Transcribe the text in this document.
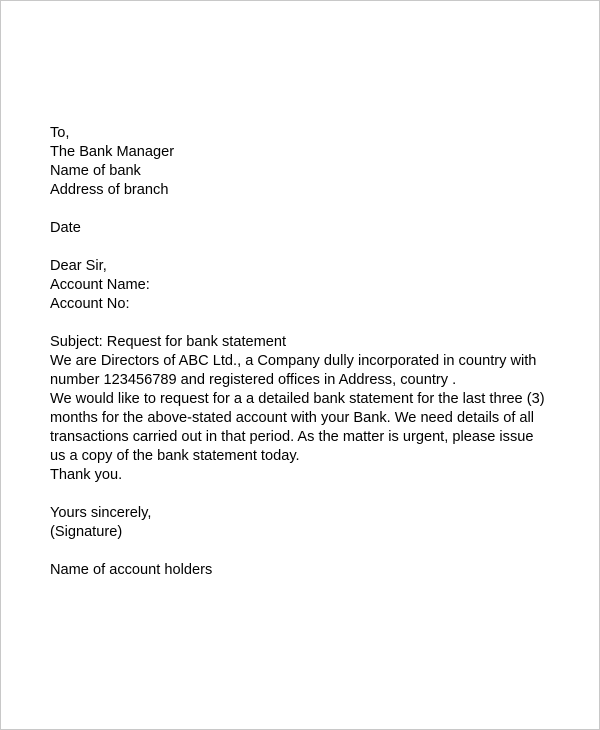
To,
The Bank Manager
Name of bank
Address of branch
Date
Dear Sir,
Account Name:
Account No:
Subject: Request for bank statement
We are Directors of ABC Ltd., a Company dully incorporated in country with
number 123456789 and registered offices in Address, country .
We would like to request for a a detailed bank statement for the last three (3)
months for the above-stated account with your Bank. We need details of all
transactions carried out in that period. As the matter is urgent, please issue
us a copy of the bank statement today.
Thank you.
Yours sincerely,
(Signature)
Name of account holders
